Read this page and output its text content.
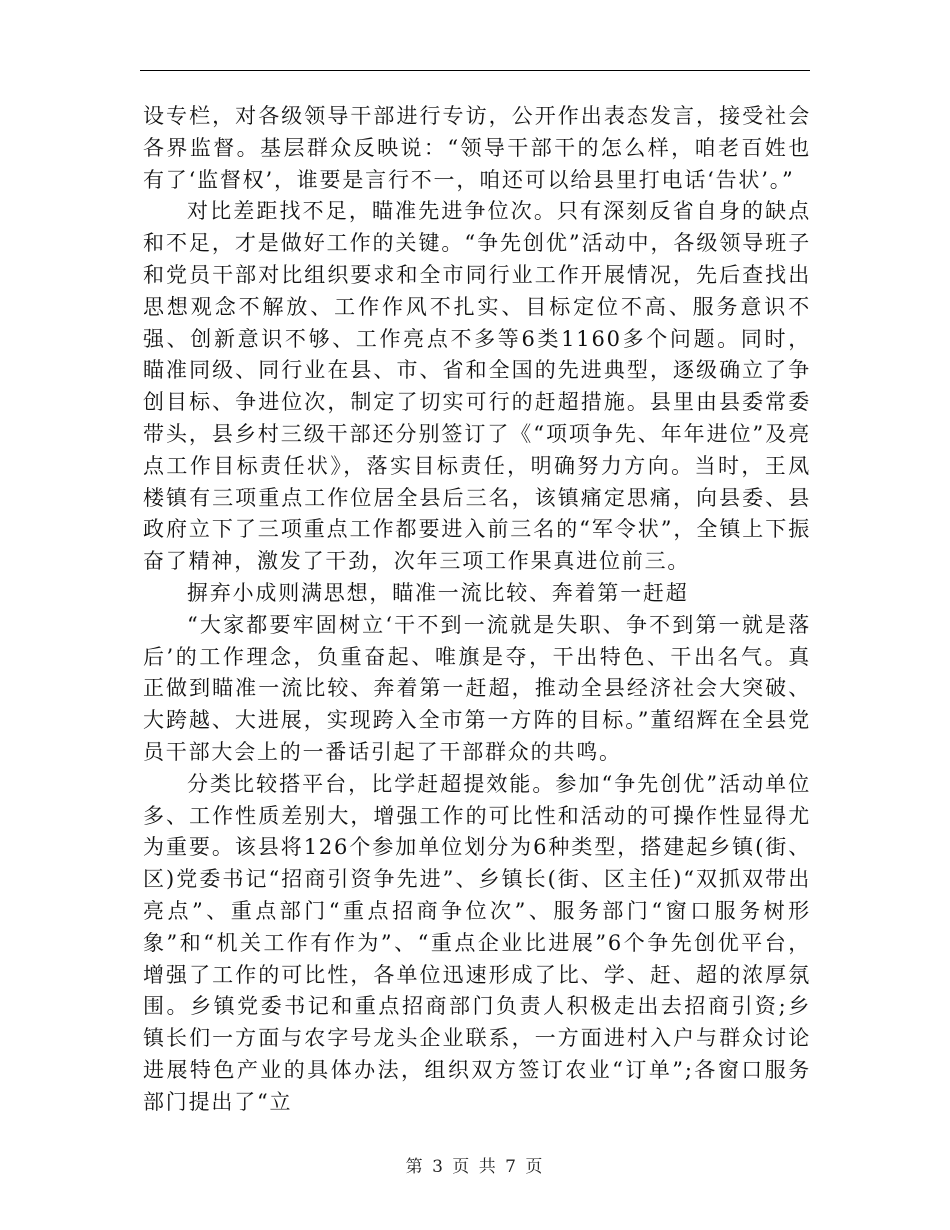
设专栏，对各级领导干部进行专访，公开作出表态发言，接受社会各界监督。基层群众反映说：“领导干部干的怎么样，咱老百姓也有了‘监督权’，谁要是言行不一，咱还可以给县里打电话‘告状’。”

对比差距找不足，瞄准先进争位次。只有深刻反省自身的缺点和不足，才是做好工作的关键。“争先创优”活动中，各级领导班子和党员干部对比组织要求和全市同行业工作开展情况，先后查找出思想观念不解放、工作作风不扎实、目标定位不高、服务意识不强、创新意识不够、工作亮点不多等6类1160多个问题。同时，瞄准同级、同行业在县、市、省和全国的先进典型，逐级确立了争创目标、争进位次，制定了切实可行的赶超措施。县里由县委常委带头，县乡村三级干部还分别签订了《“项项争先、年年进位”及亮点工作目标责任状》，落实目标责任，明确努力方向。当时，王凤楼镇有三项重点工作位居全县后三名，该镇痛定思痛，向县委、县政府立下了三项重点工作都要进入前三名的“军令状”，全镇上下振奋了精神，激发了干劲，次年三项工作果真进位前三。

摒弃小成则满思想，瞄准一流比较、奔着第一赶超

“大家都要牢固树立‘干不到一流就是失职、争不到第一就是落后’的工作理念，负重奋起、唯旗是夺，干出特色、干出名气。真正做到瞄准一流比较、奔着第一赶超，推动全县经济社会大突破、大跨越、大进展，实现跨入全市第一方阵的目标。”董绍辉在全县党员干部大会上的一番话引起了干部群众的共鸣。

分类比较搭平台，比学赶超提效能。参加“争先创优”活动单位多、工作性质差别大，增强工作的可比性和活动的可操作性显得尤为重要。该县将126个参加单位划分为6种类型，搭建起乡镇(街、区)党委书记“招商引资争先进”、乡镇长(街、区主任)“双抓双带出亮点”、重点部门“重点招商争位次”、服务部门“窗口服务树形象”和“机关工作有作为”、“重点企业比进展”6个争先创优平台，增强了工作的可比性，各单位迅速形成了比、学、赶、超的浓厚氛围。乡镇党委书记和重点招商部门负责人积极走出去招商引资;乡镇长们一方面与农字号龙头企业联系，一方面进村入户与群众讨论进展特色产业的具体办法，组织双方签订农业“订单”;各窗口服务部门提出了“立

第 3 页 共 7 页
